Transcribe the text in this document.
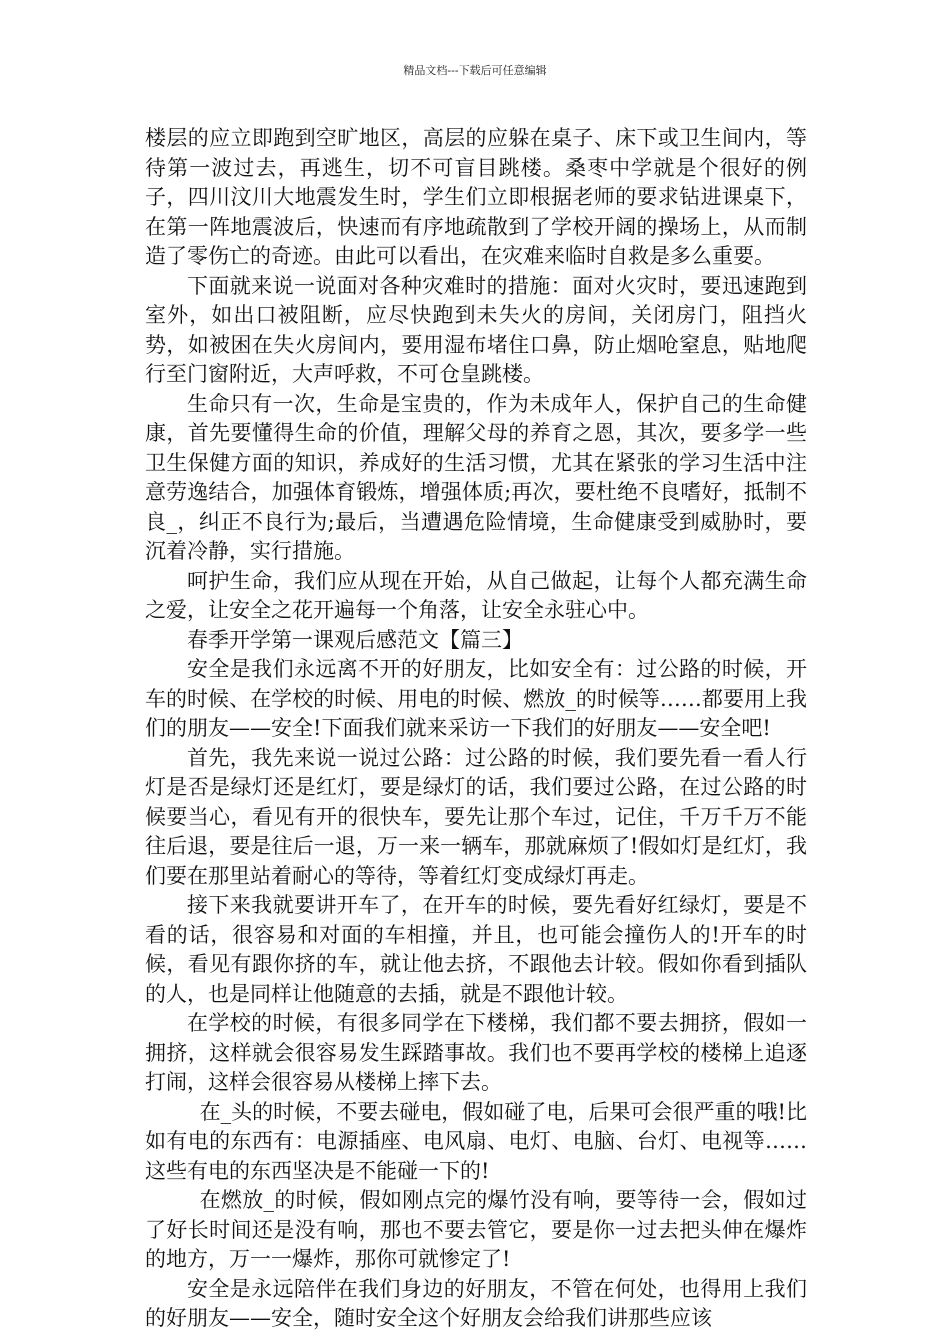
精品文档---下载后可任意编辑

楼层的应立即跑到空旷地区，高层的应躲在桌子、床下或卫生间内，等待第一波过去，再逃生，切不可盲目跳楼。桑枣中学就是个很好的例子，四川汶川大地震发生时，学生们立即根据老师的要求钻进课桌下，在第一阵地震波后，快速而有序地疏散到了学校开阔的操场上，从而制造了零伤亡的奇迹。由此可以看出，在灾难来临时自救是多么重要。

下面就来说一说面对各种灾难时的措施：面对火灾时，要迅速跑到室外，如出口被阻断，应尽快跑到未失火的房间，关闭房门，阻挡火势，如被困在失火房间内，要用湿布堵住口鼻，防止烟呛窒息，贴地爬行至门窗附近，大声呼救，不可仓皇跳楼。

生命只有一次，生命是宝贵的，作为未成年人，保护自己的生命健康，首先要懂得生命的价值，理解父母的养育之恩，其次，要多学一些卫生保健方面的知识，养成好的生活习惯，尤其在紧张的学习生活中注意劳逸结合，加强体育锻炼，增强体质;再次，要杜绝不良嗜好，抵制不良_，纠正不良行为;最后，当遭遇危险情境，生命健康受到威胁时，要沉着冷静，实行措施。

呵护生命，我们应从现在开始，从自己做起，让每个人都充满生命之爱，让安全之花开遍每一个角落，让安全永驻心中。

春季开学第一课观后感范文【篇三】

安全是我们永远离不开的好朋友，比如安全有：过公路的时候，开车的时候、在学校的时候、用电的时候、燃放_的时候等……都要用上我们的朋友——安全!下面我们就来采访一下我们的好朋友——安全吧!

首先，我先来说一说过公路：过公路的时候，我们要先看一看人行灯是否是绿灯还是红灯，要是绿灯的话，我们要过公路，在过公路的时候要当心，看见有开的很快车，要先让那个车过，记住，千万千万不能往后退，要是往后一退，万一来一辆车，那就麻烦了!假如灯是红灯，我们要在那里站着耐心的等待，等着红灯变成绿灯再走。

接下来我就要讲开车了，在开车的时候，要先看好红绿灯，要是不看的话，很容易和对面的车相撞，并且，也可能会撞伤人的!开车的时候，看见有跟你挤的车，就让他去挤，不跟他去计较。假如你看到插队的人，也是同样让他随意的去插，就是不跟他计较。

在学校的时候，有很多同学在下楼梯，我们都不要去拥挤，假如一拥挤，这样就会很容易发生踩踏事故。我们也不要再学校的楼梯上追逐打闹，这样会很容易从楼梯上摔下去。

在_头的时候，不要去碰电，假如碰了电，后果可会很严重的哦!比如有电的东西有：电源插座、电风扇、电灯、电脑、台灯、电视等……这些有电的东西坚决是不能碰一下的!

在燃放_的时候，假如刚点完的爆竹没有响，要等待一会，假如过了好长时间还是没有响，那也不要去管它，要是你一过去把头伸在爆炸的地方，万一一爆炸，那你可就惨定了!

安全是永远陪伴在我们身边的好朋友，不管在何处，也得用上我们的好朋友——安全，随时安全这个好朋友会给我们讲那些应该
